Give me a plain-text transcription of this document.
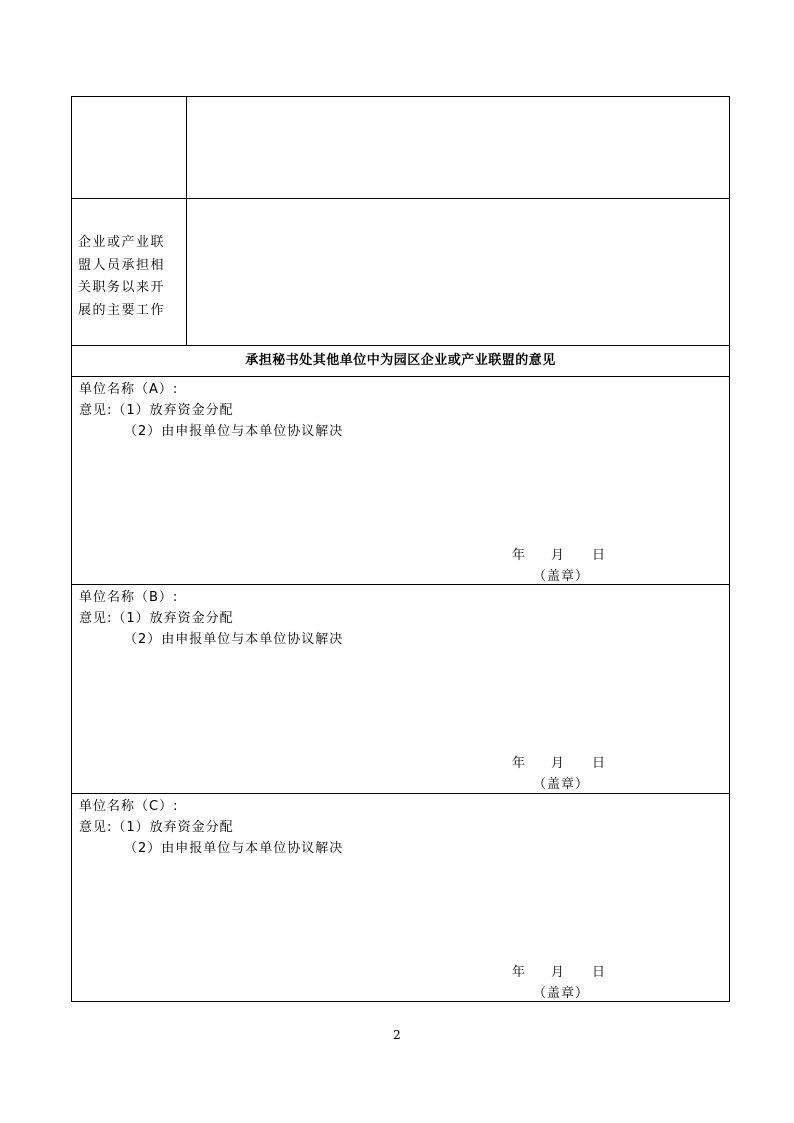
企业或产业联
盟人员承担相
关职务以来开
展的主要工作
承担秘书处其他单位中为园区企业或产业联盟的意见
单位名称（A）:
意见:（1）放弃资金分配
（2）由申报单位与本单位协议解决
年 月 日
（盖章）
单位名称（B）:
意见:（1）放弃资金分配
（2）由申报单位与本单位协议解决
年 月 日
（盖章）
单位名称（C）:
意见:（1）放弃资金分配
（2）由申报单位与本单位协议解决
年 月 日
（盖章）
2
